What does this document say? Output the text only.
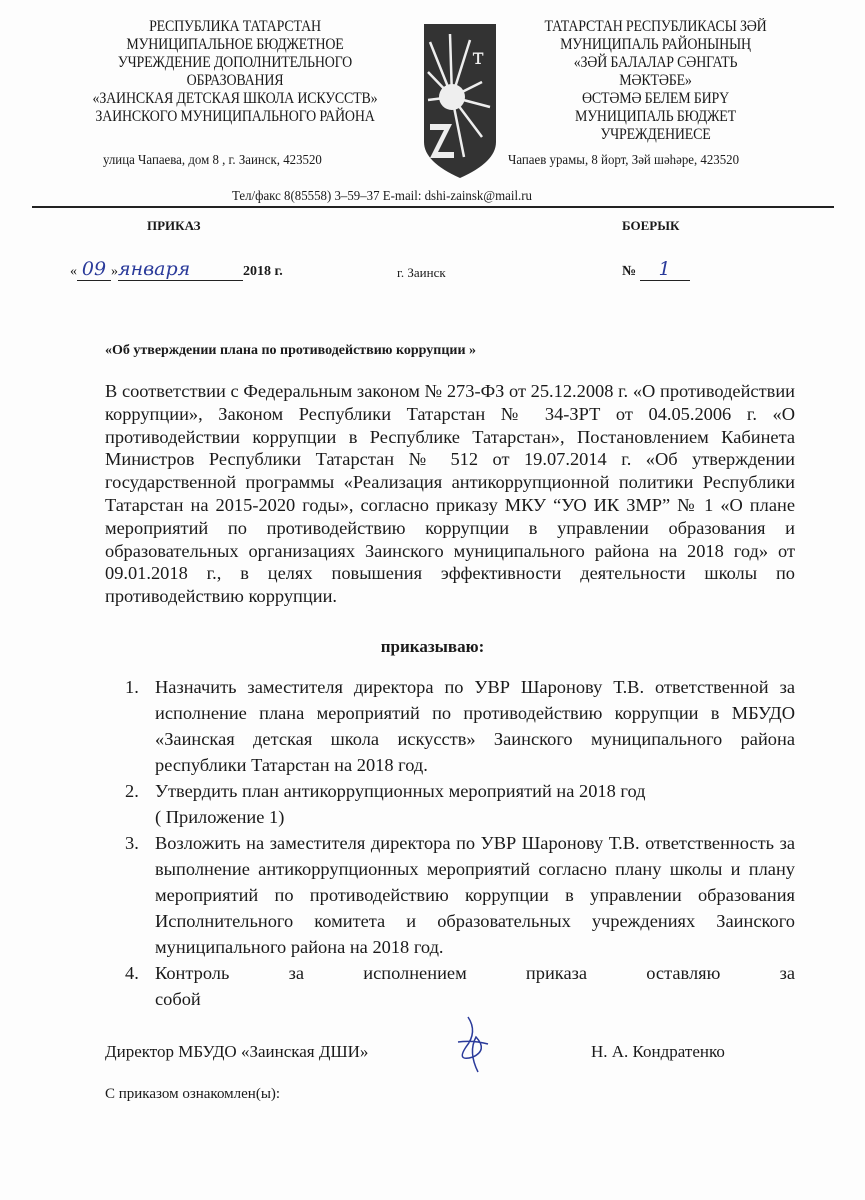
РЕСПУБЛИКА ТАТАРСТАН
МУНИЦИПАЛЬНОЕ БЮДЖЕТНОЕ
УЧРЕЖДЕНИЕ ДОПОЛНИТЕЛЬНОГО
ОБРАЗОВАНИЯ
«ЗАИНСКАЯ ДЕТСКАЯ ШКОЛА ИСКУССТВ»
ЗАИНСКОГО МУНИЦИПАЛЬНОГО РАЙОНА
т
ТАТАРСТАН РЕСПУБЛИКАСЫ ЗӘЙ
МУНИЦИПАЛЬ РАЙОНЫНЫҢ
«ЗӘЙ БАЛАЛАР СӘНГАТЬ
МӘКТӘБЕ»
ӨСТӘМӘ БЕЛЕМ БИРҮ
МУНИЦИПАЛЬ БЮДЖЕТ
УЧРЕЖДЕНИЕСЕ
улица Чапаева, дом 8 , г. Заинск, 423520	Чапаев урамы, 8 йорт, Зәй шәһәре, 423520
Тел/факс 8(85558) 3–59–37 E-mail: dshi-zainsk@mail.ru
ПРИКАЗ	БОЕРЫК
« 09 »января	2018 г.	г. Заинск	№ 1
«Об утверждении плана по противодействию коррупции »
В соответствии с Федеральным законом № 273-ФЗ от 25.12.2008 г. «О противодействии коррупции», Законом Республики Татарстан № 34-ЗРТ от 04.05.2006 г. «О противодействии коррупции в Республике Татарстан», Постановлением Кабинета Министров Республики Татарстан № 512 от 19.07.2014 г. «Об утверждении государственной программы «Реализация антикоррупционной политики Республики Татарстан на 2015-2020 годы», согласно приказу МКУ “УО ИК ЗМР” № 1 «О плане мероприятий по противодействию коррупции в управлении образования и образовательных организациях Заинского муниципального района на 2018 год» от 09.01.2018 г., в целях повышения эффективности деятельности школы по противодействию коррупции.
приказываю:
1. Назначить заместителя директора по УВР Шаронову Т.В. ответственной за исполнение плана мероприятий по противодействию коррупции в МБУДО «Заинская детская школа искусств» Заинского муниципального района республики Татарстан на 2018 год.
2. Утвердить план антикоррупционных мероприятий на 2018 год
( Приложение 1)
3. Возложить на заместителя директора по УВР Шаронову Т.В. ответственность за выполнение антикоррупционных мероприятий согласно плану школы и плану мероприятий по противодействию коррупции в управлении образования Исполнительного комитета и образовательных учреждениях Заинского муниципального района на 2018 год.
4. Контроль за исполнением приказа оставляю за собой
Директор МБУДО «Заинская ДШИ»	Н. А. Кондратенко
С приказом ознакомлен(ы):
